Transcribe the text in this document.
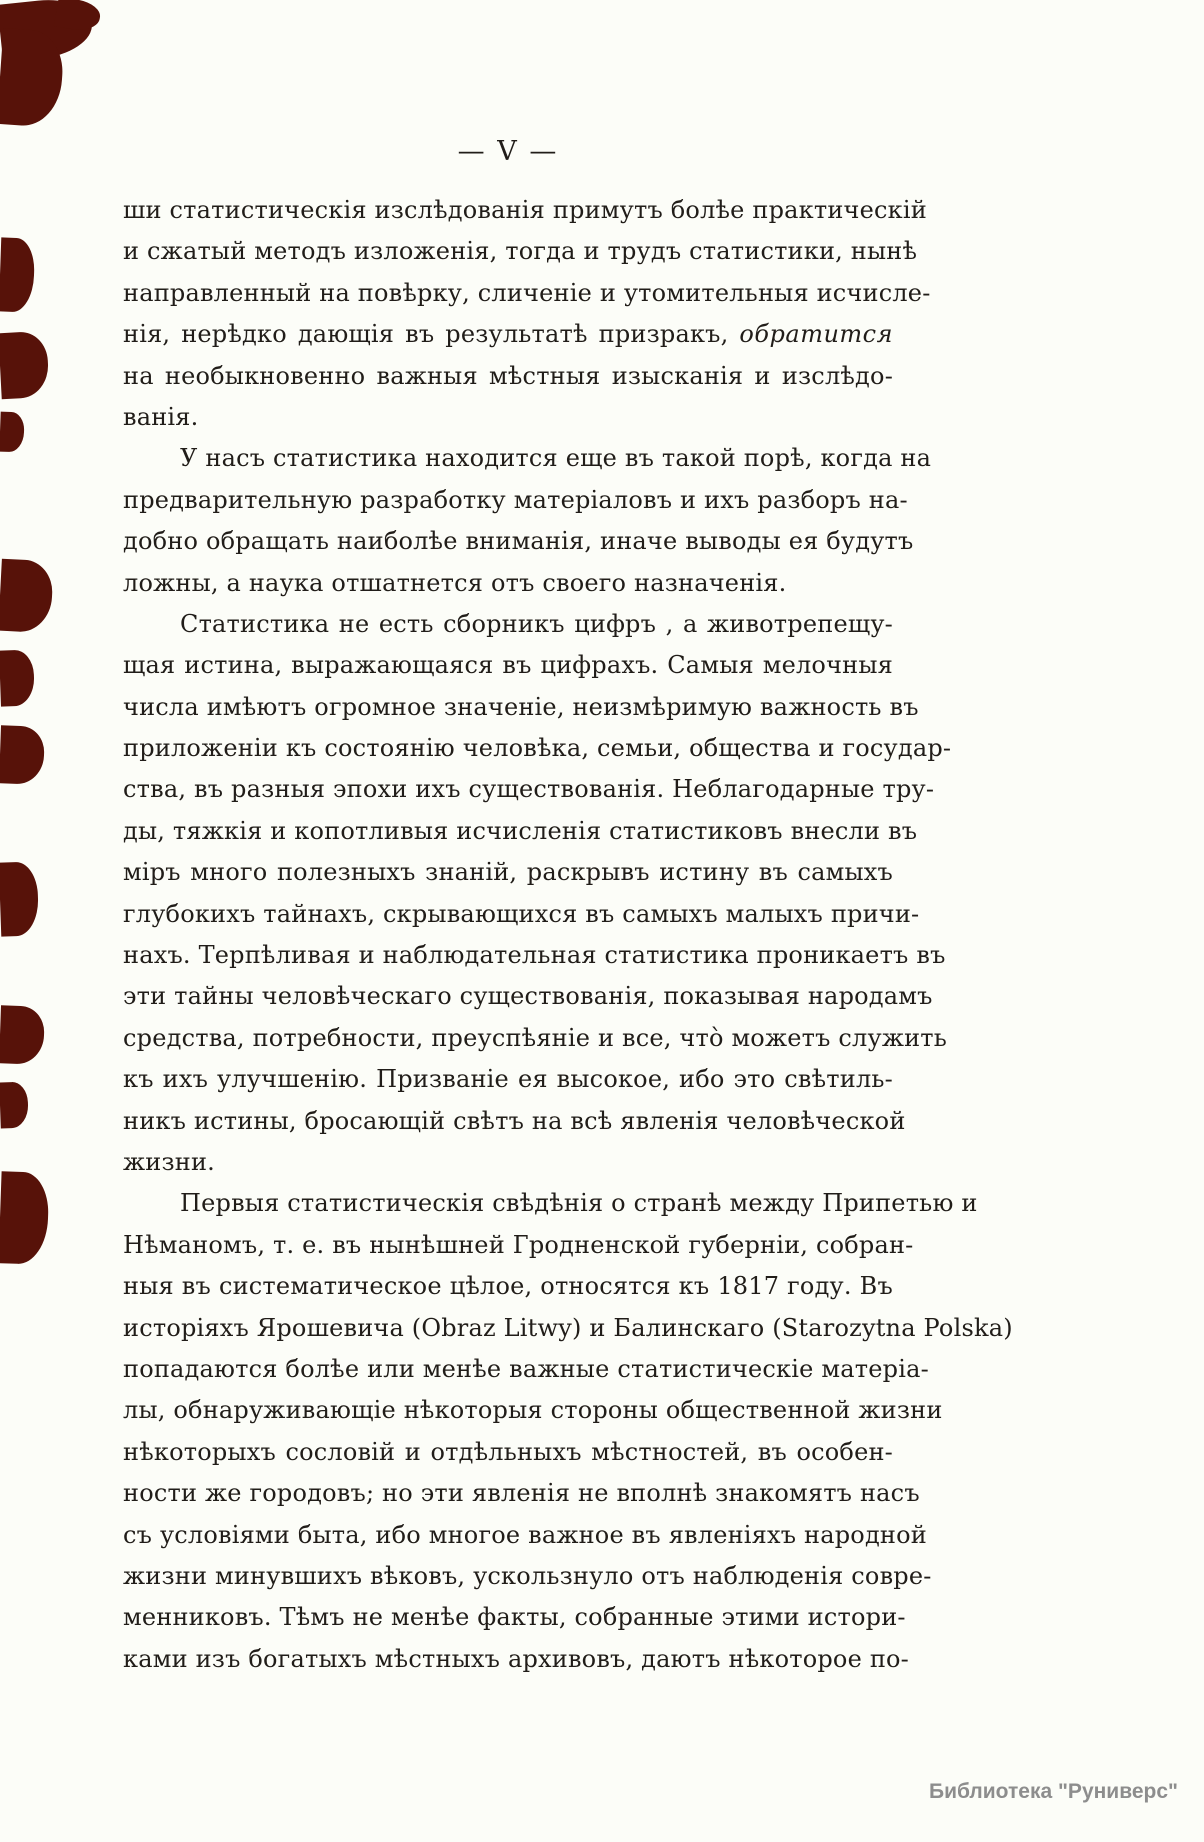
— V —
ши статистическія изслѣдованія примутъ болѣе практическій
и сжатый методъ изложенія, тогда и трудъ статистики, нынѣ
направленный на повѣрку, сличеніе и утомительныя исчисле-
нія, нерѣдко дающія въ результатѣ призракъ, обратится
на необыкновенно важныя мѣстныя изысканія и изслѣдо-
ванія.
У насъ статистика находится еще въ такой порѣ, когда на
предварительную разработку матеріаловъ и ихъ разборъ на-
добно обращать наиболѣе вниманія, иначе выводы ея будутъ
ложны, а наука отшатнется отъ своего назначенія.
Статистика не есть сборникъ цифръ , а животрепещу-
щая истина, выражающаяся въ цифрахъ. Самыя мелочныя
числа имѣютъ огромное значеніе, неизмѣримую важность въ
приложеніи къ состоянію человѣка, семьи, общества и государ-
ства, въ разныя эпохи ихъ существованія. Неблагодарные тру-
ды, тяжкія и копотливыя исчисленія статистиковъ внесли въ
міръ много полезныхъ знаній, раскрывъ истину въ самыхъ
глубокихъ тайнахъ, скрывающихся въ самыхъ малыхъ причи-
нахъ. Терпѣливая и наблюдательная статистика проникаетъ въ
эти тайны человѣческаго существованія, показывая народамъ
средства, потребности, преуспѣяніе и все, что̀ можетъ служить
къ ихъ улучшенію. Призваніе ея высокое, ибо это свѣтиль-
никъ истины, бросающій свѣтъ на всѣ явленія человѣческой
жизни.
Первыя статистическія свѣдѣнія о странѣ между Припетью и
Нѣманомъ, т. е. въ нынѣшней Гродненской губерніи, собран-
ныя въ систематическое цѣлое, относятся къ 1817 году. Въ
исторіяхъ Ярошевича (Obraz Litwy) и Балинскаго (Starozytna Polska)
попадаются болѣе или менѣе важные статистическіе матеріа-
лы, обнаруживающіе нѣкоторыя стороны общественной жизни
нѣкоторыхъ сословій и отдѣльныхъ мѣстностей, въ особен-
ности же городовъ; но эти явленія не вполнѣ знакомятъ насъ
съ условіями быта, ибо многое важное въ явленіяхъ народной
жизни минувшихъ вѣковъ, ускользнуло отъ наблюденія совре-
менниковъ. Тѣмъ не менѣе факты, собранные этими истори-
ками изъ богатыхъ мѣстныхъ архивовъ, даютъ нѣкоторое по-
Библиотека "Руниверс"
